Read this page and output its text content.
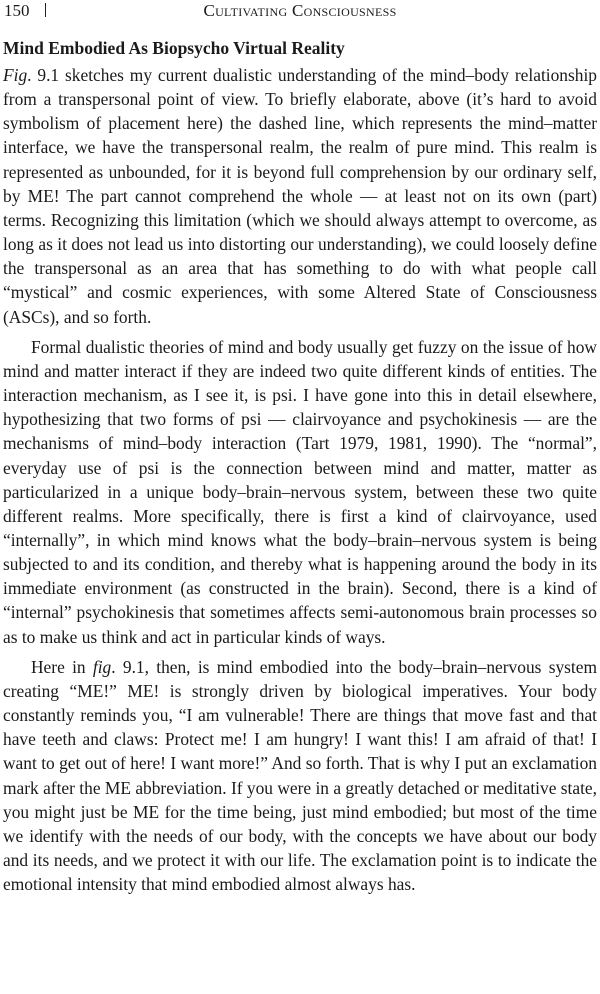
150	Cultivating Consciousness
Mind Embodied As Biopsycho Virtual Reality

Fig. 9.1 sketches my current dualistic understanding of the mind–body relationship from a transpersonal point of view. To briefly elaborate, above (it’s hard to avoid symbolism of placement here) the dashed line, which represents the mind–matter interface, we have the transpersonal realm, the realm of pure mind. This realm is represented as unbounded, for it is beyond full comprehension by our ordinary self, by ME! The part cannot comprehend the whole — at least not on its own (part) terms. Recognizing this limitation (which we should always attempt to overcome, as long as it does not lead us into distorting our understanding), we could loosely define the transpersonal as an area that has something to do with what people call “mystical” and cosmic experiences, with some Altered State of Consciousness (ASCs), and so forth.

Formal dualistic theories of mind and body usually get fuzzy on the issue of how mind and matter interact if they are indeed two quite different kinds of entities. The interaction mechanism, as I see it, is psi. I have gone into this in detail elsewhere, hypothesizing that two forms of psi — clairvoyance and psychokinesis — are the mechanisms of mind–body interaction (Tart 1979, 1981, 1990). The “normal”, everyday use of psi is the connection between mind and matter, matter as particularized in a unique body–brain–nervous system, between these two quite different realms. More specifically, there is first a kind of clairvoyance, used “internally”, in which mind knows what the body–brain–nervous system is being subjected to and its condition, and thereby what is happening around the body in its immediate environment (as constructed in the brain). Second, there is a kind of “internal” psychokinesis that sometimes affects semi-autonomous brain processes so as to make us think and act in particular kinds of ways.

Here in fig. 9.1, then, is mind embodied into the body–brain–nervous system creating “ME!” ME! is strongly driven by biological imperatives. Your body constantly reminds you, “I am vulnerable! There are things that move fast and that have teeth and claws: Protect me! I am hungry! I want this! I am afraid of that! I want to get out of here! I want more!” And so forth. That is why I put an exclamation mark after the ME abbreviation. If you were in a greatly detached or meditative state, you might just be ME for the time being, just mind embodied; but most of the time we identify with the needs of our body, with the concepts we have about our body and its needs, and we protect it with our life. The exclamation point is to indicate the emotional intensity that mind embodied almost always has.
